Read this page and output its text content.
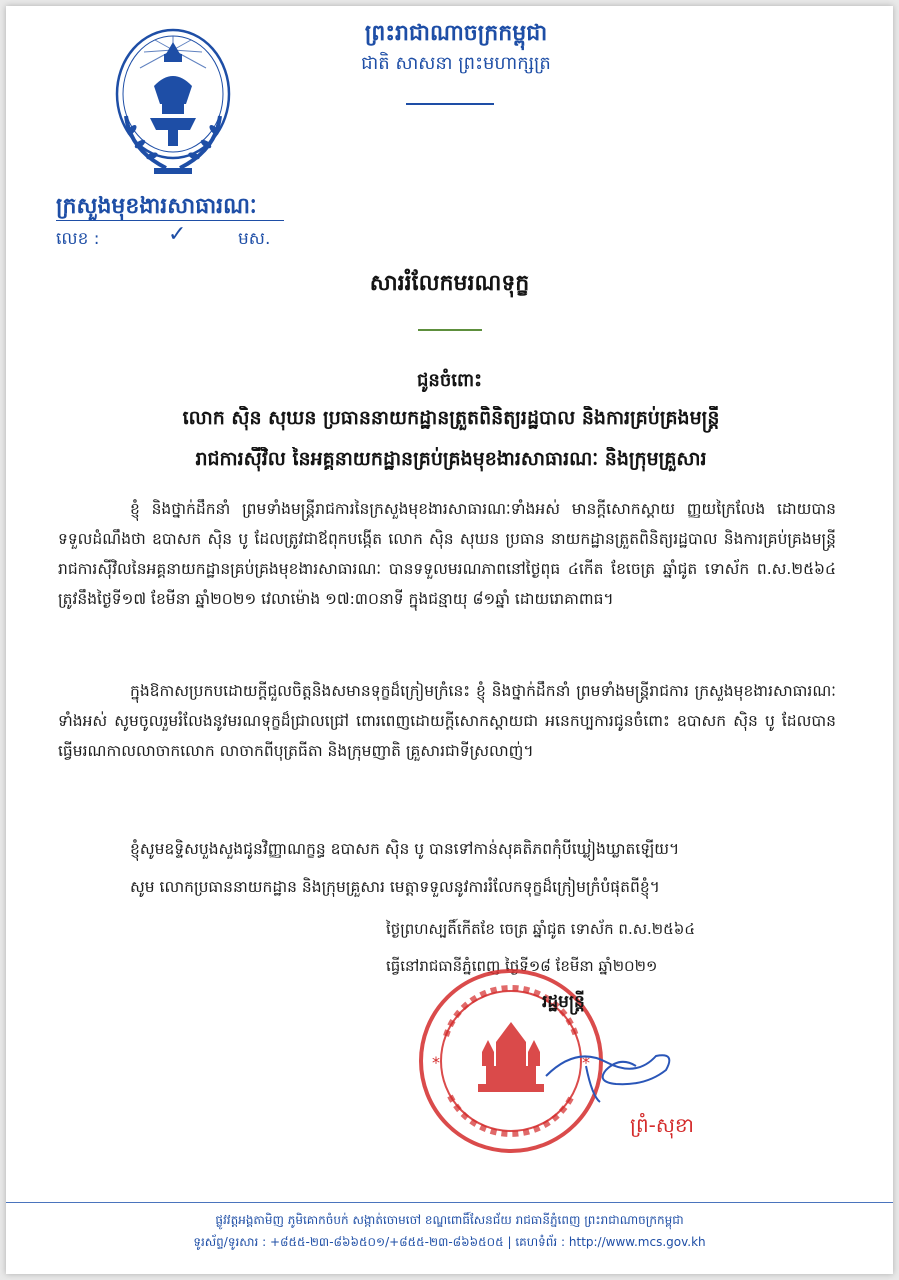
ព្រះរាជាណាចក្រកម្ពុជា
ជាតិ សាសនា ព្រះមហាក្សត្រ
ក្រសួងមុខងារសាធារណៈ
លេខ :	✓	មស.
សាររំលែកមរណទុក្ខ
ជូនចំពោះ
លោក ស៊ិន សុឃន ប្រធាននាយកដ្ឋានត្រួតពិនិត្យរដ្ឋបាល និងការគ្រប់គ្រងមន្ត្រី
រាជការស៊ីវិល នៃអគ្គនាយកដ្ឋានគ្រប់គ្រងមុខងារសាធារណៈ និងក្រុមគ្រួសារ

ខ្ញុំ និងថ្នាក់ដឹកនាំ ព្រមទាំងមន្ត្រីរាជការនៃក្រសួងមុខងារសាធារណៈទាំងអស់ មានក្តីសោកស្តាយ ញ្ញយក្រៃលែង ដោយបានទទួលដំណឹងថា ឧបាសក ស៊ិន បូ ដែលត្រូវជាឪពុកបង្កើត លោក ស៊ិន សុឃន ប្រធាន នាយកដ្ឋានត្រួតពិនិត្យរដ្ឋបាល និងការគ្រប់គ្រងមន្ត្រីរាជការស៊ីវិលនៃអគ្គនាយកដ្ឋានគ្រប់គ្រងមុខងារសាធារណៈ បានទទួលមរណភាពនៅថ្ងៃពុធ ៤កើត ខែចេត្រ ឆ្នាំជូត ទោស័ក ព.ស.២៥៦៤ ត្រូវនឹងថ្ងៃទី១៧ ខែមីនា ឆ្នាំ២០២១ វេលាម៉ោង ១៧:៣០នាទី ក្នុងជន្មាយុ ៨១ឆ្នាំ ដោយរោគាពាធ។

ក្នុងឱកាសប្រកបដោយក្តីជួលចិត្តនិងសមានទុក្ខដ៏ក្រៀមក្រំនេះ ខ្ញុំ និងថ្នាក់ដឹកនាំ ព្រមទាំងមន្ត្រីរាជការ ក្រសួងមុខងារសាធារណៈទាំងអស់ សូមចូលរួមរំលែងនូវមរណទុក្ខដ៏ជ្រាលជ្រៅ ពោរពេញដោយក្តីសោកស្តាយជា អនេកប្បការជូនចំពោះ ឧបាសក ស៊ិន បូ ដែលបានធ្វើមរណកាលលាចាកលោក លាចាកពីបុត្រធីតា និងក្រុមញាតិ គ្រួសារជាទីស្រលាញ់។

ខ្ញុំសូមឧទ្ទិសបួងសួងជូនវិញ្ញាណក្ខន្ធ ឧបាសក ស៊ិន បូ បានទៅកាន់សុគតិភពកុំបីឃ្លៀងឃ្លាតឡើយ។

សូម លោកប្រធាននាយកដ្ឋាន និងក្រុមគ្រួសារ មេត្តាទទួលនូវការរំលែកទុក្ខដ៏ក្រៀមក្រំបំផុតពីខ្ញុំ។

ថ្ងៃព្រហស្បតិ៍កើតខែ ចេត្រ ឆ្នាំជូត ទោស័ក ព.ស.២៥៦៤
ធ្វើនៅរាជធានីភ្នំពេញ ថ្ងៃទី១៨ ខែមីនា ឆ្នាំ២០២១
*	*
រដ្ឋមន្ត្រី
ព្រំ-សុខា
ផ្លូវវត្តអង្គតាមិញ ភូមិគោកចំបក់ សង្កាត់ចោមចៅ ខណ្ឌពោធិ៍សែនជ័យ រាជធានីភ្នំពេញ ព្រះរាជាណាចក្រកម្ពុជា
ទូរស័ព្ទ/ទូរសារ : +៨៥៥-២៣-៨៦៦៥០១/+៨៥៥-២៣-៨៦៦៥០៥ | គេហទំព័រ : http://www.mcs.gov.kh
